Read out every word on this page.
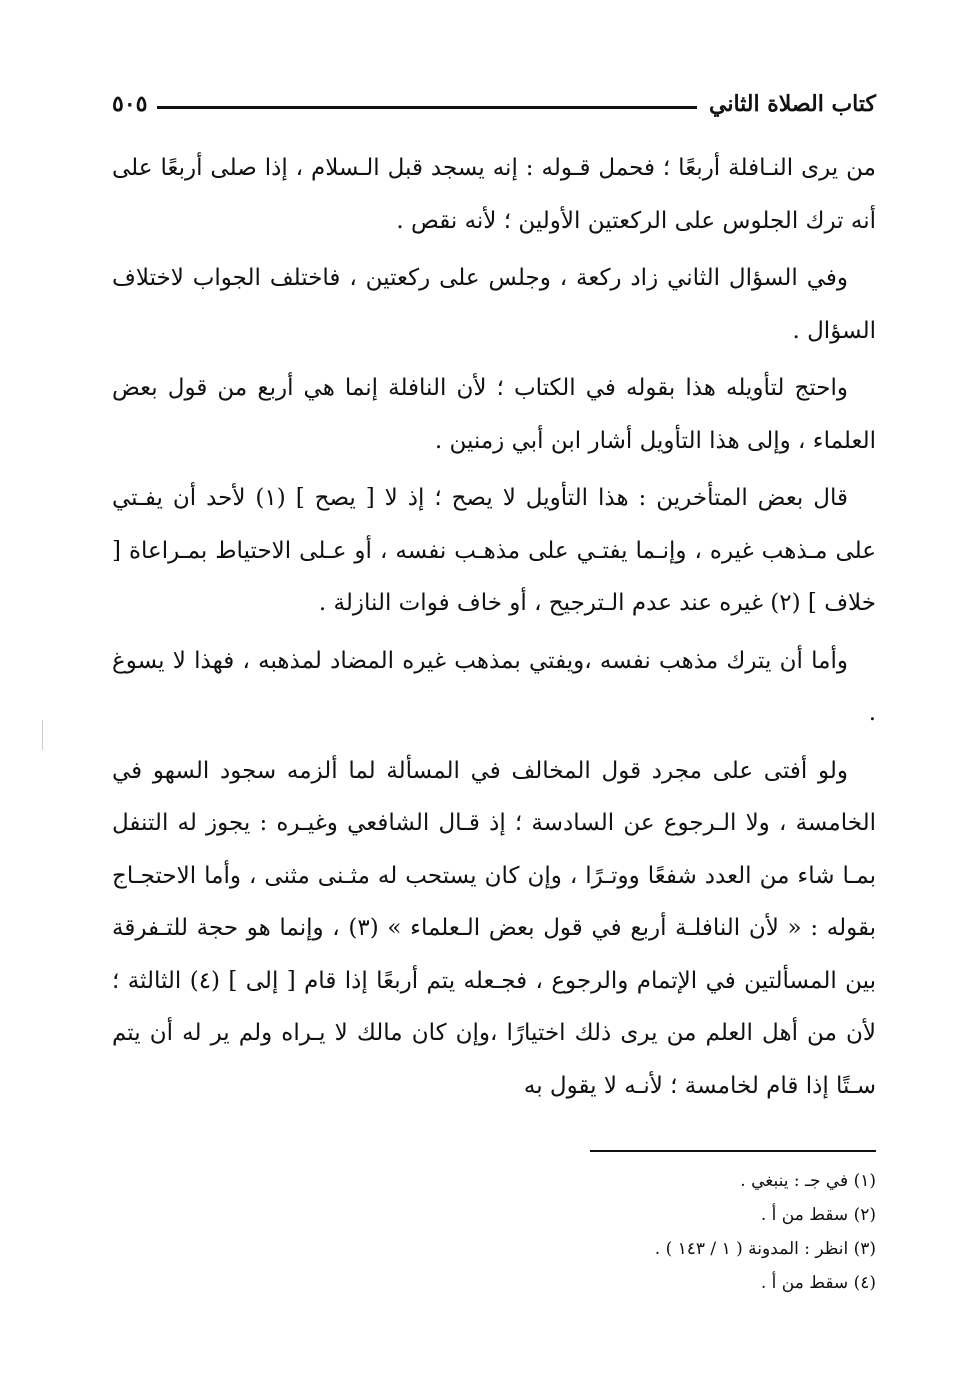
كتاب الصلاة الثاني
٥٠٥

من يرى النـافلة أربعًا ؛ فحمل قـوله : إنه يسجد قبل الـسلام ، إذا صلى أربعًا على أنه ترك الجلوس على الركعتين الأولين ؛ لأنه نقص .

وفي السؤال الثاني زاد ركعة ، وجلس على ركعتين ، فاختلف الجواب لاختلاف السؤال .

واحتج لتأويله هذا بقوله في الكتاب ؛ لأن النافلة إنما هي أربع من قول بعض العلماء ، وإلى هذا التأويل أشار ابن أبي زمنين .

قال بعض المتأخرين : هذا التأويل لا يصح ؛ إذ لا [ يصح ] (١) لأحد أن يفـتي على مـذهب غيره ، وإنـما يفتـي على مذهـب نفسه ، أو عـلى الاحتياط بمـراعاة [ خلاف ] (٢) غيره عند عدم الـترجيح ، أو خاف فوات النازلة .

وأما أن يترك مذهب نفسه ،ويفتي بمذهب غيره المضاد لمذهبه ، فهذا لا يسوغ .

ولو أفتى على مجرد قول المخالف في المسألة لما ألزمه سجود السهو في الخامسة ، ولا الـرجوع عن السادسة ؛ إذ قـال الشافعي وغيـره : يجوز له التنفل بمـا شاء من العدد شفعًا ووتـرًا ، وإن كان يستحب له مثـنى مثنى ، وأما الاحتجـاج بقوله : « لأن النافلـة أربع في قول بعض الـعلماء » (٣) ، وإنما هو حجة للتـفرقة بين المسألتين في الإتمام والرجوع ، فجـعله يتم أربعًا إذا قام [ إلى ] (٤) الثالثة ؛ لأن من أهل العلم من يرى ذلك اختيارًا ،وإن كان مالك لا يـراه ولم ير له أن يتم سـتًا إذا قام لخامسة ؛ لأنـه لا يقول به

(١) في جـ : ينبغي .
(٢) سقط من أ .
(٣) انظر : المدونة ( ١ / ١٤٣ ) .
(٤) سقط من أ .
